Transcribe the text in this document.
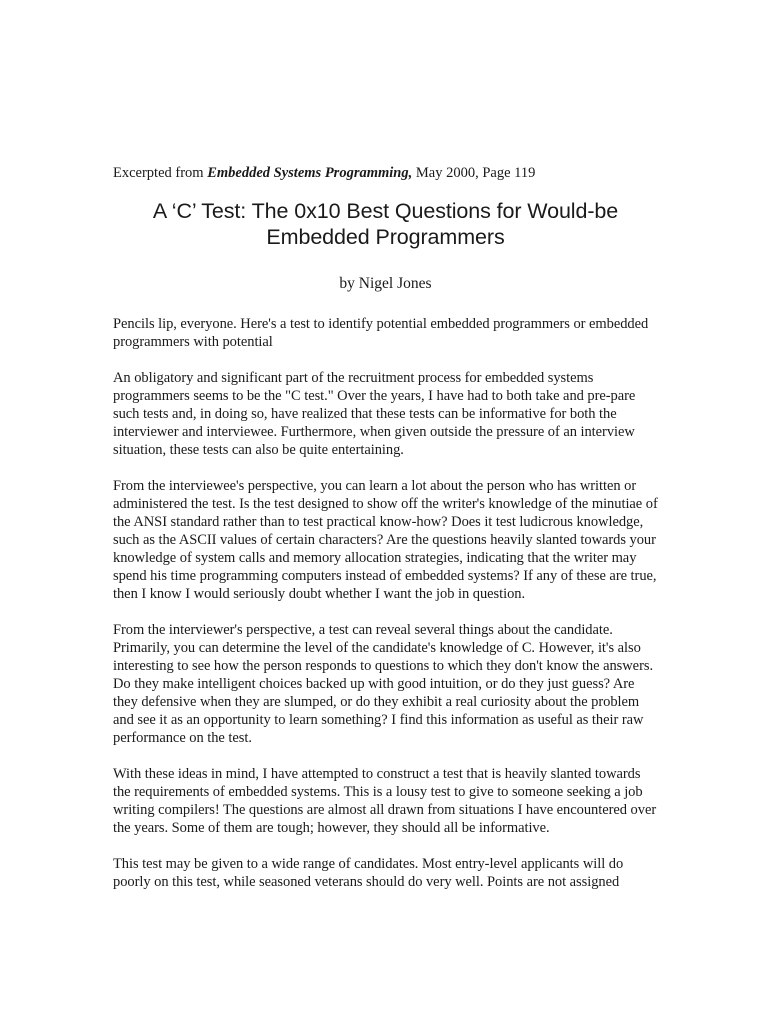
Excerpted from Embedded Systems Programming, May 2000, Page 119

A ‘C’ Test: The 0x10 Best Questions for Would-be Embedded Programmers

by Nigel Jones

Pencils lip, everyone. Here's a test to identify potential embedded programmers or embedded programmers with potential

An obligatory and significant part of the recruitment process for embedded systems programmers seems to be the "C test." Over the years, I have had to both take and pre-pare such tests and, in doing so, have realized that these tests can be informative for both the interviewer and interviewee. Furthermore, when given outside the pressure of an interview situation, these tests can also be quite entertaining.

From the interviewee's perspective, you can learn a lot about the person who has written or administered the test. Is the test designed to show off the writer's knowledge of the minutiae of the ANSI standard rather than to test practical know-how? Does it test ludicrous knowledge, such as the ASCII values of certain characters? Are the questions heavily slanted towards your knowledge of system calls and memory allocation strategies, indicating that the writer may spend his time programming computers instead of embedded systems? If any of these are true, then I know I would seriously doubt whether I want the job in question.

From the interviewer's perspective, a test can reveal several things about the candidate. Primarily, you can determine the level of the candidate's knowledge of C. However, it's also interesting to see how the person responds to questions to which they don't know the answers. Do they make intelligent choices backed up with good intuition, or do they just guess? Are they defensive when they are slumped, or do they exhibit a real curiosity about the problem and see it as an opportunity to learn something? I find this information as useful as their raw performance on the test.

With these ideas in mind, I have attempted to construct a test that is heavily slanted towards the requirements of embedded systems. This is a lousy test to give to someone seeking a job writing compilers! The questions are almost all drawn from situations I have encountered over the years. Some of them are tough; however, they should all be informative.

This test may be given to a wide range of candidates. Most entry-level applicants will do poorly on this test, while seasoned veterans should do very well. Points are not assigned
